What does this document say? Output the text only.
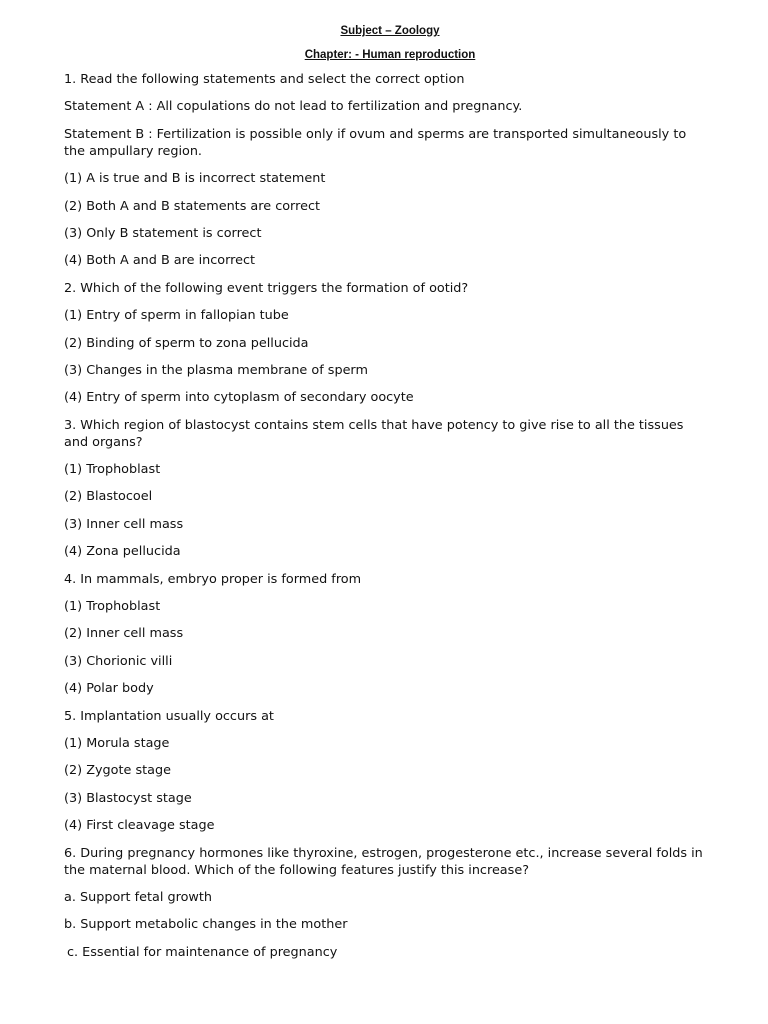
Subject – Zoology
Chapter: - Human reproduction
1. Read the following statements and select the correct option
Statement A : All copulations do not lead to fertilization and pregnancy.
Statement B : Fertilization is possible only if ovum and sperms are transported simultaneously to the ampullary region.
(1) A is true and B is incorrect statement
(2) Both A and B statements are correct
(3) Only B statement is correct
(4) Both A and B are incorrect
2. Which of the following event triggers the formation of ootid?
(1) Entry of sperm in fallopian tube
(2) Binding of sperm to zona pellucida
(3) Changes in the plasma membrane of sperm
(4) Entry of sperm into cytoplasm of secondary oocyte
3. Which region of blastocyst contains stem cells that have potency to give rise to all the tissues and organs?
(1) Trophoblast
(2) Blastocoel
(3) Inner cell mass
(4) Zona pellucida
4. In mammals, embryo proper is formed from
(1) Trophoblast
(2) Inner cell mass
(3) Chorionic villi
(4) Polar body
5. Implantation usually occurs at
(1) Morula stage
(2) Zygote stage
(3) Blastocyst stage
(4) First cleavage stage
6. During pregnancy hormones like thyroxine, estrogen, progesterone etc., increase several folds in the maternal blood. Which of the following features justify this increase?
a. Support fetal growth
b. Support metabolic changes in the mother
c. Essential for maintenance of pregnancy
